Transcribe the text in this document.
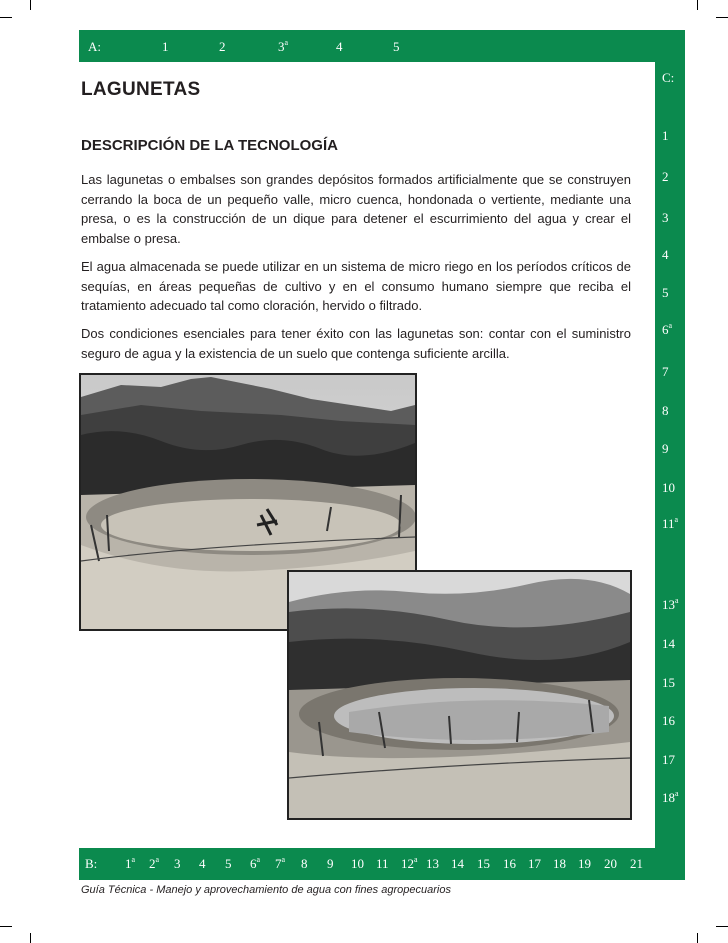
A:	1	2	3$^a$	4	5
C:
1
2
3
4
5
6$^a$
7
8
9
10
11$^a$
13$^a$
14
15
16
17
18$^a$
B: 1$^a$ 2$^a$ 3 4 5 6$^a$ 7$^a$ 8 9 10 11 12$^a$ 13 14 15 16 17 18 19 20 21
LAGUNETAS
DESCRIPCIÓN DE LA TECNOLOGÍA

Las lagunetas o embalses son grandes depósitos formados artificialmente que se construyen cerrando la boca de un pequeño valle, micro cuenca, hondonada o vertiente, mediante una presa, o es la construcción de un dique para detener el escurrimiento del agua y crear el embalse o presa.

El agua almacenada se puede utilizar en un sistema de micro riego en los períodos críticos de sequías, en áreas pequeñas de cultivo y en el consumo humano siempre que reciba el tratamiento adecuado tal como cloración, hervido o filtrado.

Dos condiciones esenciales para tener éxito con las lagunetas son: contar con el suministro seguro de agua y la existencia de un suelo que contenga suficiente arcilla.

Guía Técnica - Manejo y aprovechamiento de agua con fines agropecuarios
